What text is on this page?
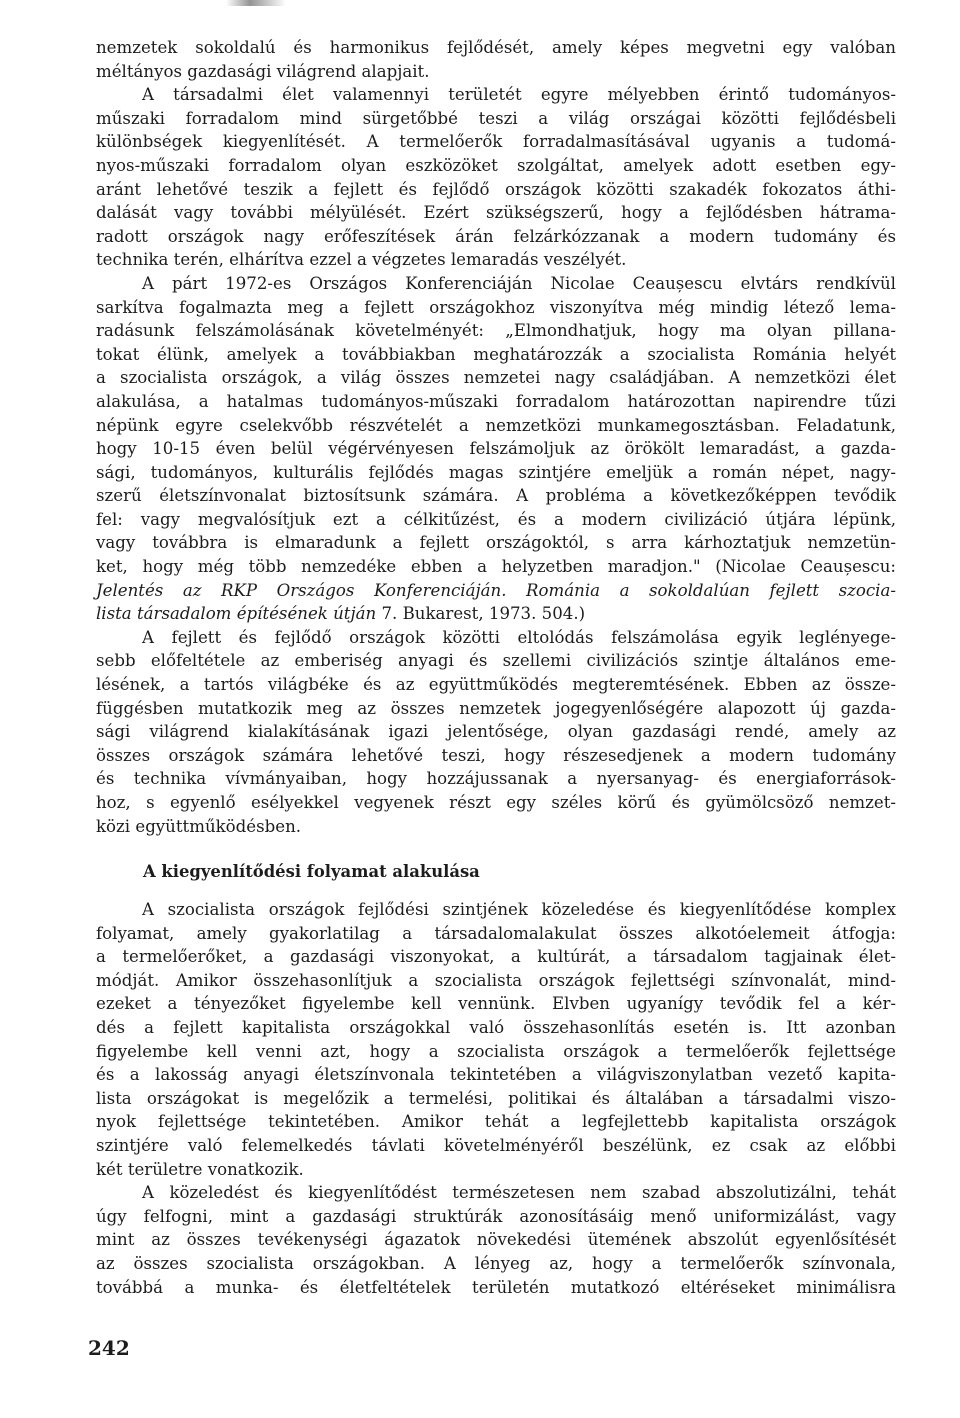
nemzetek sokoldalú és harmonikus fejlődését, amely képes megvetni egy valóban
méltányos gazdasági világrend alapjait.
A társadalmi élet valamennyi területét egyre mélyebben érintő tudományos-
műszaki forradalom mind sürgetőbbé teszi a világ országai közötti fejlődésbeli
különbségek kiegyenlítését. A termelőerők forradalmasításával ugyanis a tudomá-
nyos-műszaki forradalom olyan eszközöket szolgáltat, amelyek adott esetben egy-
aránt lehetővé teszik a fejlett és fejlődő országok közötti szakadék fokozatos áthi-
dalását vagy további mélyülését. Ezért szükségszerű, hogy a fejlődésben hátrama-
radott országok nagy erőfeszítések árán felzárkózzanak a modern tudomány és
technika terén, elhárítva ezzel a végzetes lemaradás veszélyét.
A párt 1972-es Országos Konferenciáján Nicolae Ceaușescu elvtárs rendkívül
sarkítva fogalmazta meg a fejlett országokhoz viszonyítva még mindig létező lema-
radásunk felszámolásának követelményét: „Elmondhatjuk, hogy ma olyan pillana-
tokat élünk, amelyek a továbbiakban meghatározzák a szocialista Románia helyét
a szocialista országok, a világ összes nemzetei nagy családjában. A nemzetközi élet
alakulása, a hatalmas tudományos-műszaki forradalom határozottan napirendre tűzi
népünk egyre cselekvőbb részvételét a nemzetközi munkamegosztásban. Feladatunk,
hogy 10-15 éven belül végérvényesen felszámoljuk az örökölt lemaradást, a gazda-
sági, tudományos, kulturális fejlődés magas szintjére emeljük a román népet, nagy-
szerű életszínvonalat biztosítsunk számára. A probléma a következőképpen tevődik
fel: vagy megvalósítjuk ezt a célkitűzést, és a modern civilizáció útjára lépünk,
vagy továbbra is elmaradunk a fejlett országoktól, s arra kárhoztatjuk nemzetün-
ket, hogy még több nemzedéke ebben a helyzetben maradjon." (Nicolae Ceaușescu:
Jelentés az RKP Országos Konferenciáján. Románia a sokoldalúan fejlett szocia-
lista társadalom építésének útján 7. Bukarest, 1973. 504.)
A fejlett és fejlődő országok közötti eltolódás felszámolása egyik leglényege-
sebb előfeltétele az emberiség anyagi és szellemi civilizációs szintje általános eme-
lésének, a tartós világbéke és az együttműködés megteremtésének. Ebben az össze-
függésben mutatkozik meg az összes nemzetek jogegyenlőségére alapozott új gazda-
sági világrend kialakításának igazi jelentősége, olyan gazdasági rendé, amely az
összes országok számára lehetővé teszi, hogy részesedjenek a modern tudomány
és technika vívmányaiban, hogy hozzájussanak a nyersanyag- és energiaforrások-
hoz, s egyenlő esélyekkel vegyenek részt egy széles körű és gyümölcsöző nemzet-
közi együttműködésben.
A kiegyenlítődési folyamat alakulása
A szocialista országok fejlődési szintjének közeledése és kiegyenlítődése komplex
folyamat, amely gyakorlatilag a társadalomalakulat összes alkotóelemeit átfogja:
a termelőerőket, a gazdasági viszonyokat, a kultúrát, a társadalom tagjainak élet-
módját. Amikor összehasonlítjuk a szocialista országok fejlettségi színvonalát, mind-
ezeket a tényezőket figyelembe kell vennünk. Elvben ugyanígy tevődik fel a kér-
dés a fejlett kapitalista országokkal való összehasonlítás esetén is. Itt azonban
figyelembe kell venni azt, hogy a szocialista országok a termelőerők fejlettsége
és a lakosság anyagi életszínvonala tekintetében a világviszonylatban vezető kapita-
lista országokat is megelőzik a termelési, politikai és általában a társadalmi viszo-
nyok fejlettsége tekintetében. Amikor tehát a legfejlettebb kapitalista országok
szintjére való felemelkedés távlati követelményéről beszélünk, ez csak az előbbi
két területre vonatkozik.
A közeledést és kiegyenlítődést természetesen nem szabad abszolutizálni, tehát
úgy felfogni, mint a gazdasági struktúrák azonosításáig menő uniformizálást, vagy
mint az összes tevékenységi ágazatok növekedési ütemének abszolút egyenlősítését
az összes szocialista országokban. A lényeg az, hogy a termelőerők színvonala,
továbbá a munka- és életfeltételek területén mutatkozó eltéréseket minimálisra
242
